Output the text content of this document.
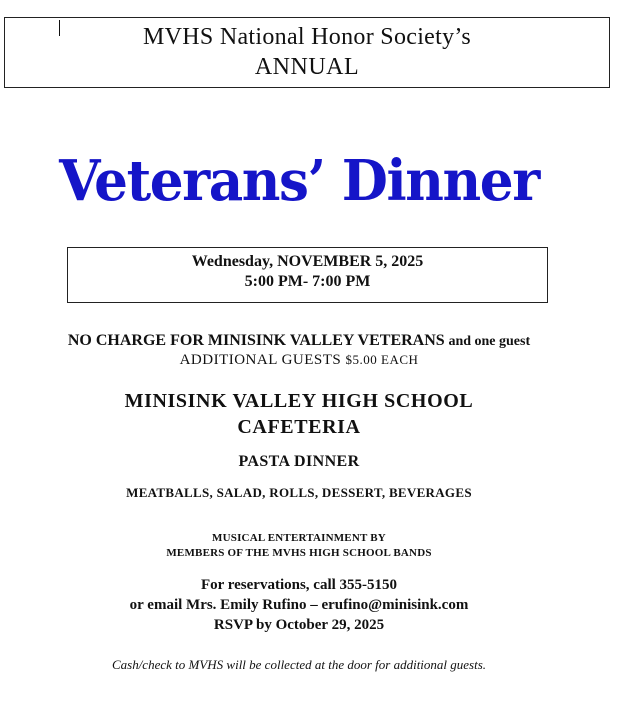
MVHS National Honor Society’s
ANNUAL
Veterans’ Dinner
Wednesday, NOVEMBER 5, 2025
5:00 PM- 7:00 PM
NO CHARGE FOR MINISINK VALLEY VETERANS and one guest
ADDITIONAL GUESTS $5.00 EACH
MINISINK VALLEY HIGH SCHOOL
CAFETERIA
PASTA DINNER
MEATBALLS, SALAD, ROLLS, DESSERT, BEVERAGES
MUSICAL ENTERTAINMENT BY
MEMBERS OF THE MVHS HIGH SCHOOL BANDS
For reservations, call 355-5150
or email Mrs. Emily Rufino – erufino@minisink.com
RSVP by October 29, 2025
Cash/check to MVHS will be collected at the door for additional guests.
